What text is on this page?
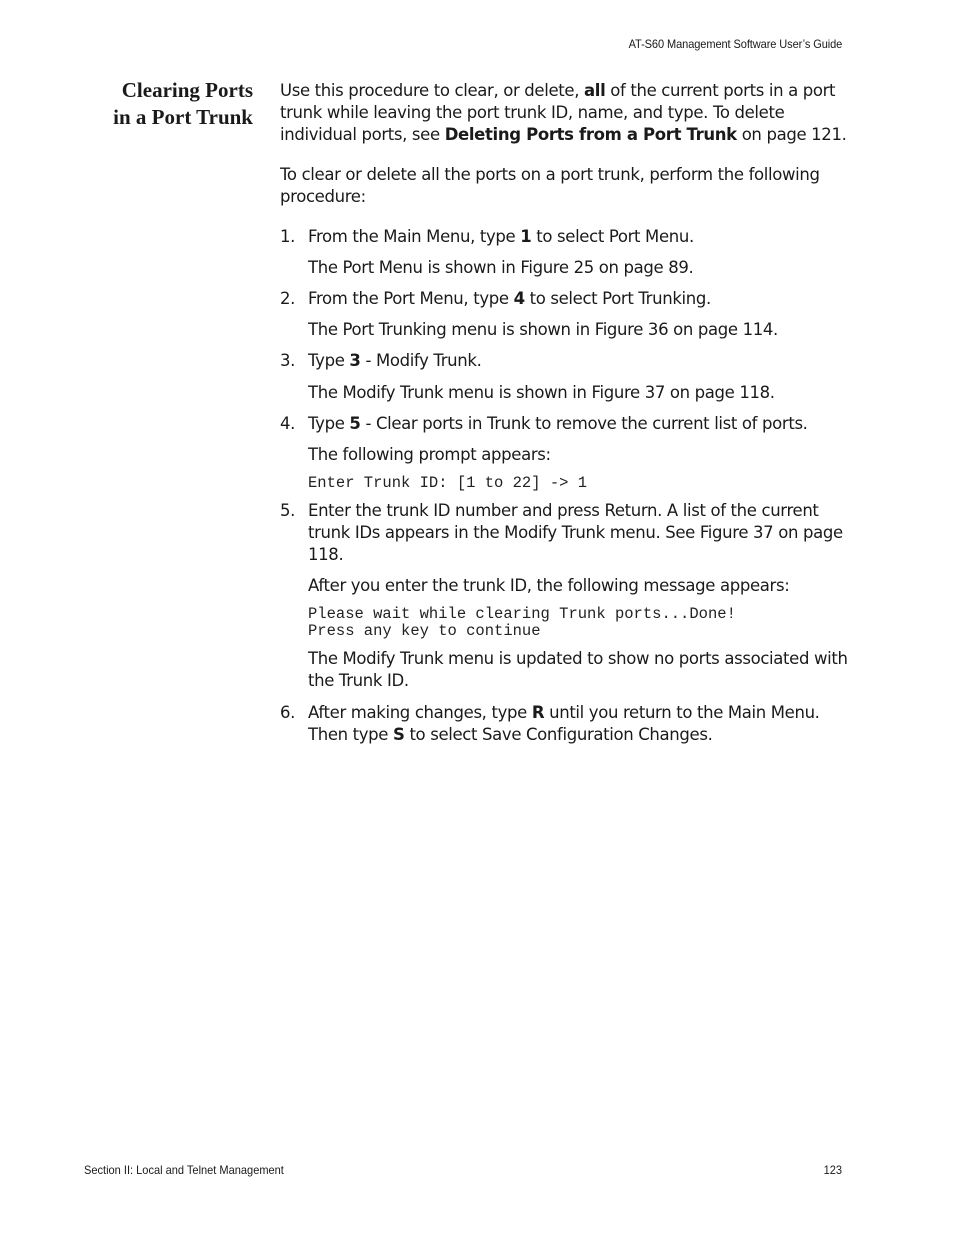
AT-S60 Management Software User’s Guide
Clearing Ports
in a Port Trunk

Use this procedure to clear, or delete, all of the current ports in a port trunk while leaving the port trunk ID, name, and type. To delete individual ports, see Deleting Ports from a Port Trunk on page 121.

To clear or delete all the ports on a port trunk, perform the following procedure:

1. From the Main Menu, type 1 to select Port Menu.

The Port Menu is shown in Figure 25 on page 89.

2. From the Port Menu, type 4 to select Port Trunking.

The Port Trunking menu is shown in Figure 36 on page 114.

3. Type 3 - Modify Trunk.

The Modify Trunk menu is shown in Figure 37 on page 118.

4. Type 5 - Clear ports in Trunk to remove the current list of ports.

The following prompt appears:

Enter Trunk ID: [1 to 22] -> 1

5. Enter the trunk ID number and press Return. A list of the current trunk IDs appears in the Modify Trunk menu. See Figure 37 on page 118.

After you enter the trunk ID, the following message appears:

Please wait while clearing Trunk ports...Done!
Press any key to continue

The Modify Trunk menu is updated to show no ports associated with the Trunk ID.

6. After making changes, type R until you return to the Main Menu. Then type S to select Save Configuration Changes.

Section II: Local and Telnet Management	123
